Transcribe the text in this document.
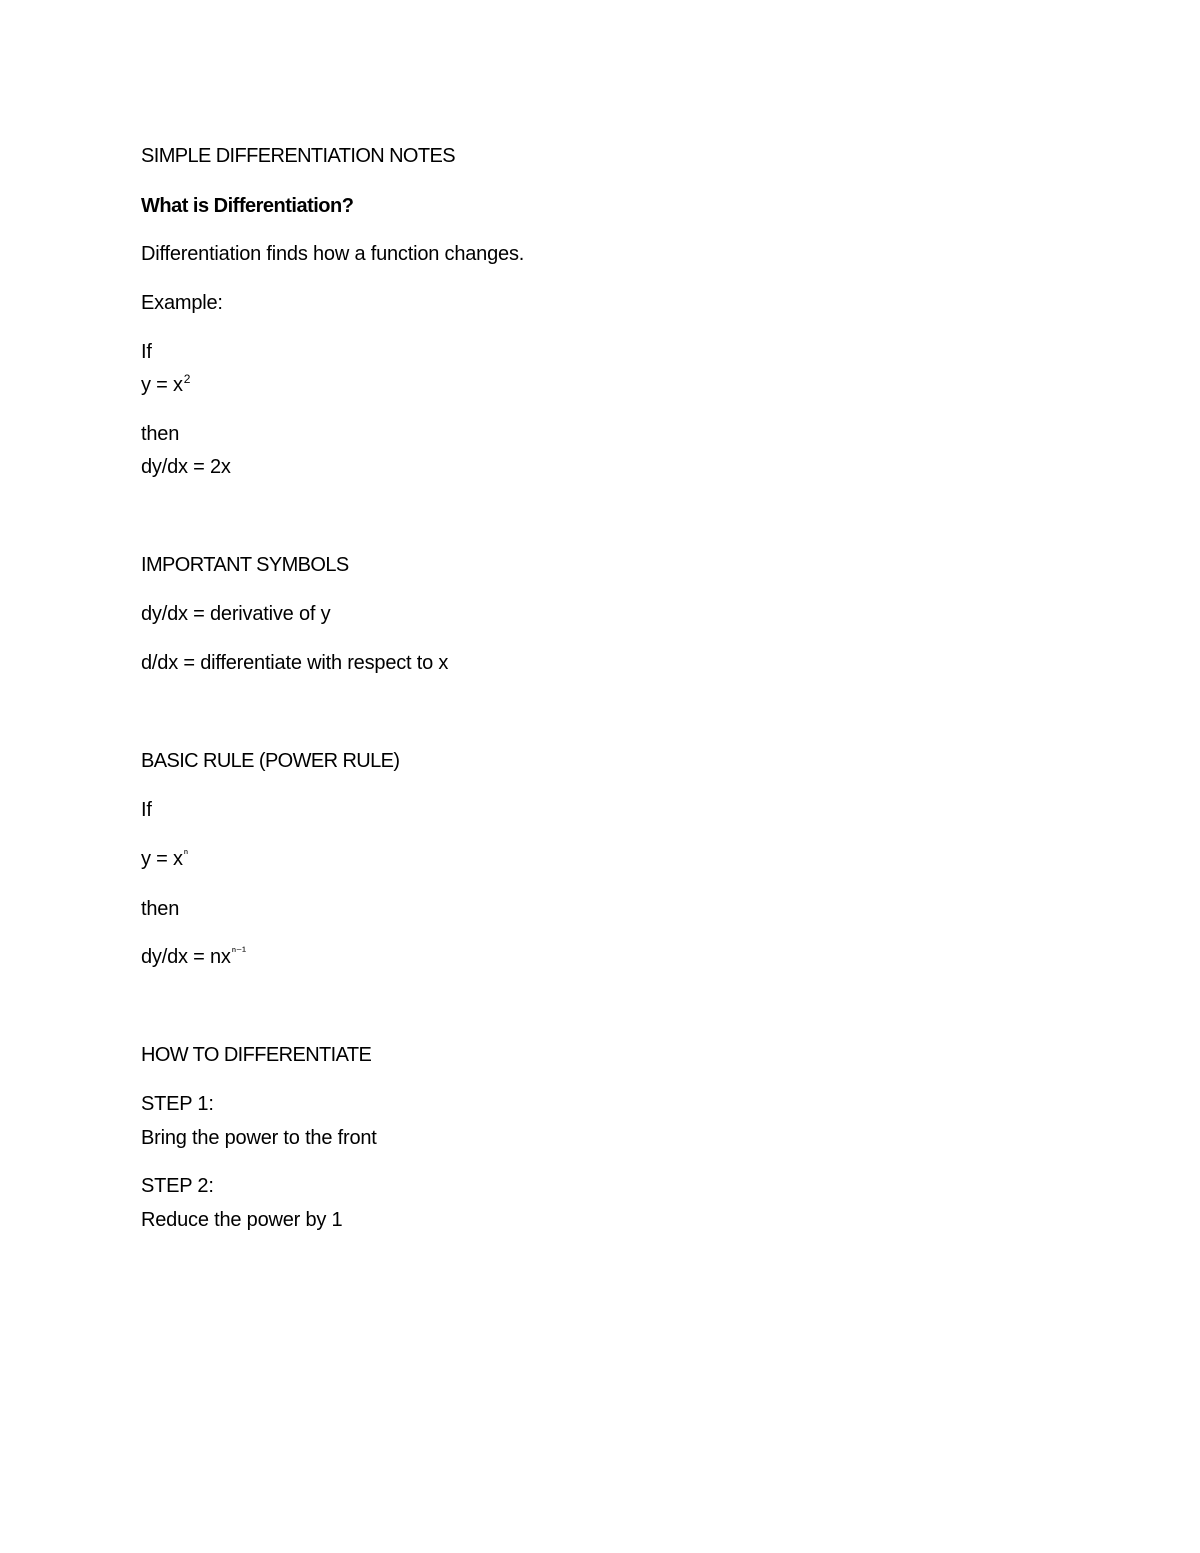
SIMPLE DIFFERENTIATION NOTES
What is Differentiation?
Differentiation finds how a function changes.
Example:
If
$y = x^2$
then
dy/dx = 2x
IMPORTANT SYMBOLS
dy/dx = derivative of y
d/dx = differentiate with respect to x
BASIC RULE (POWER RULE)
If
$y = x^{^n}$
then
$dy/dx = nx^{^{n-1}}$
HOW TO DIFFERENTIATE
STEP 1:
Bring the power to the front
STEP 2:
Reduce the power by 1
